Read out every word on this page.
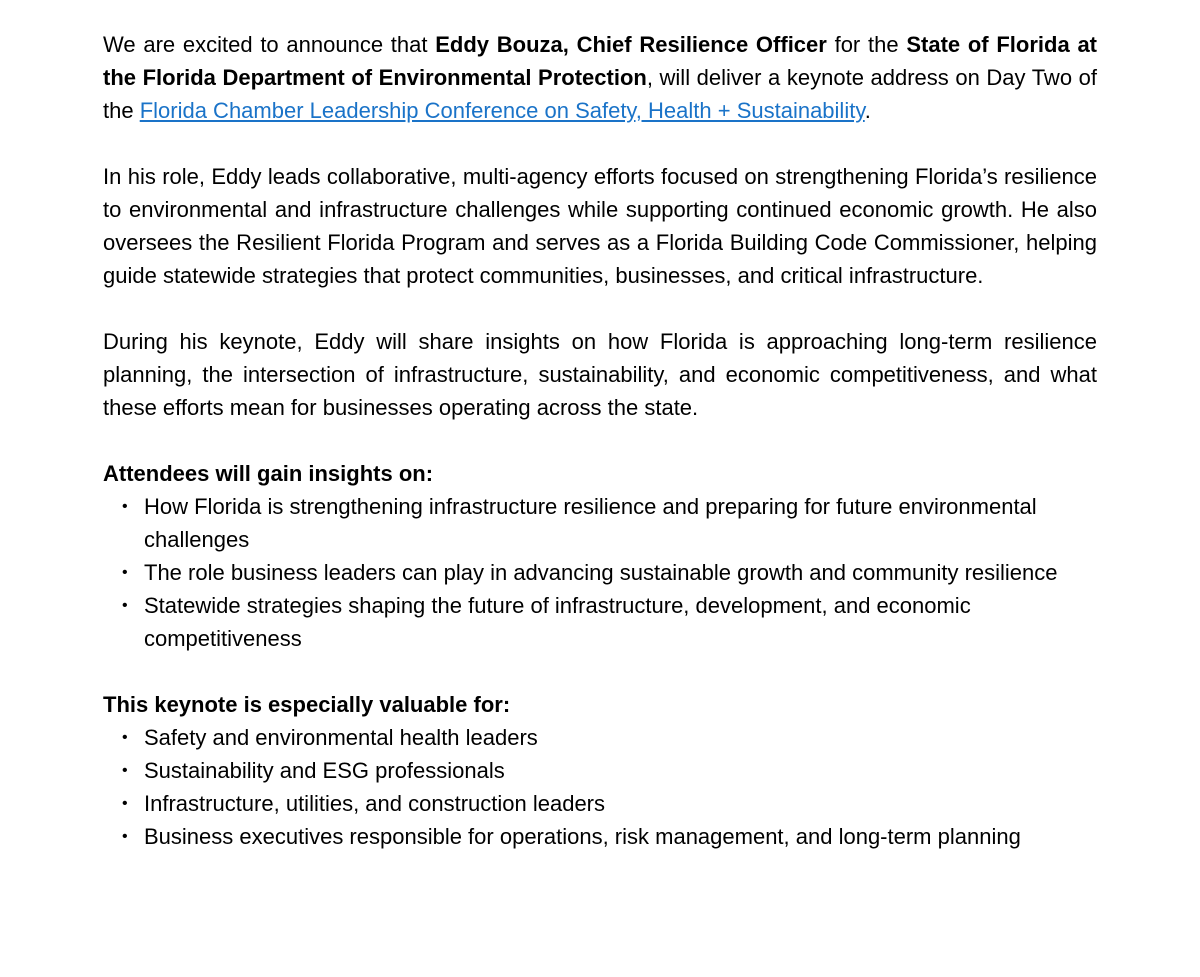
We are excited to announce that Eddy Bouza, Chief Resilience Officer for the State of Florida at the Florida Department of Environmental Protection, will deliver a keynote address on Day Two of the Florida Chamber Leadership Conference on Safety, Health + Sustainability.

In his role, Eddy leads collaborative, multi-agency efforts focused on strengthening Florida’s resilience to environmental and infrastructure challenges while supporting continued economic growth. He also oversees the Resilient Florida Program and serves as a Florida Building Code Commissioner, helping guide statewide strategies that protect communities, businesses, and critical infrastructure.

During his keynote, Eddy will share insights on how Florida is approaching long-term resilience planning, the intersection of infrastructure, sustainability, and economic competitiveness, and what these efforts mean for businesses operating across the state.

Attendees will gain insights on:
• How Florida is strengthening infrastructure resilience and preparing for future environmental challenges
• The role business leaders can play in advancing sustainable growth and community resilience
• Statewide strategies shaping the future of infrastructure, development, and economic competitiveness
This keynote is especially valuable for:
• Safety and environmental health leaders
• Sustainability and ESG professionals
• Infrastructure, utilities, and construction leaders
• Business executives responsible for operations, risk management, and long-term planning
